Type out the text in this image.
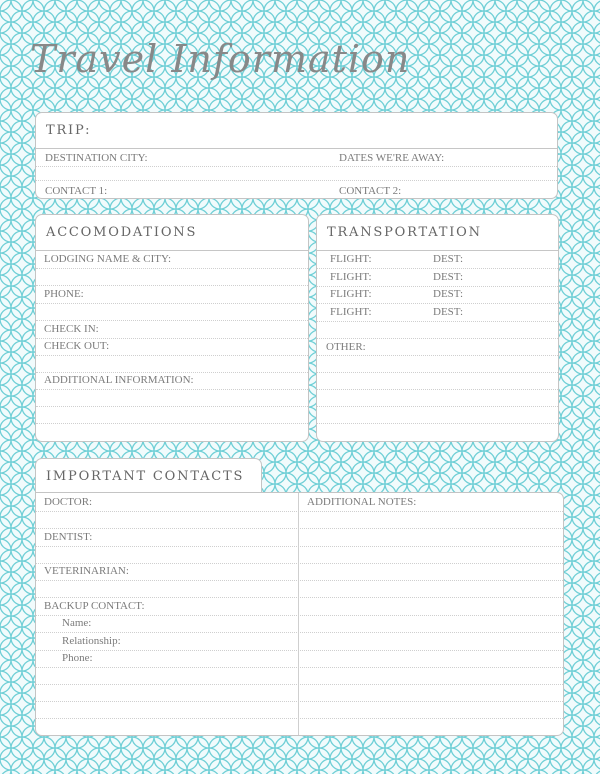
Travel Information
TRIP:
DESTINATION CITY:	DATES WE'RE AWAY:
CONTACT 1:	CONTACT 2:
ACCOMODATIONS
LODGING NAME & CITY:
PHONE:
CHECK IN:
CHECK OUT:
ADDITIONAL INFORMATION:
TRANSPORTATION
FLIGHT:	DEST:
FLIGHT:	DEST:
FLIGHT:	DEST:
FLIGHT:	DEST:
OTHER:
IMPORTANT CONTACTS
DOCTOR:	ADDITIONAL NOTES:
DENTIST:
VETERINARIAN:
BACKUP CONTACT:
Name:
Relationship:
Phone:
